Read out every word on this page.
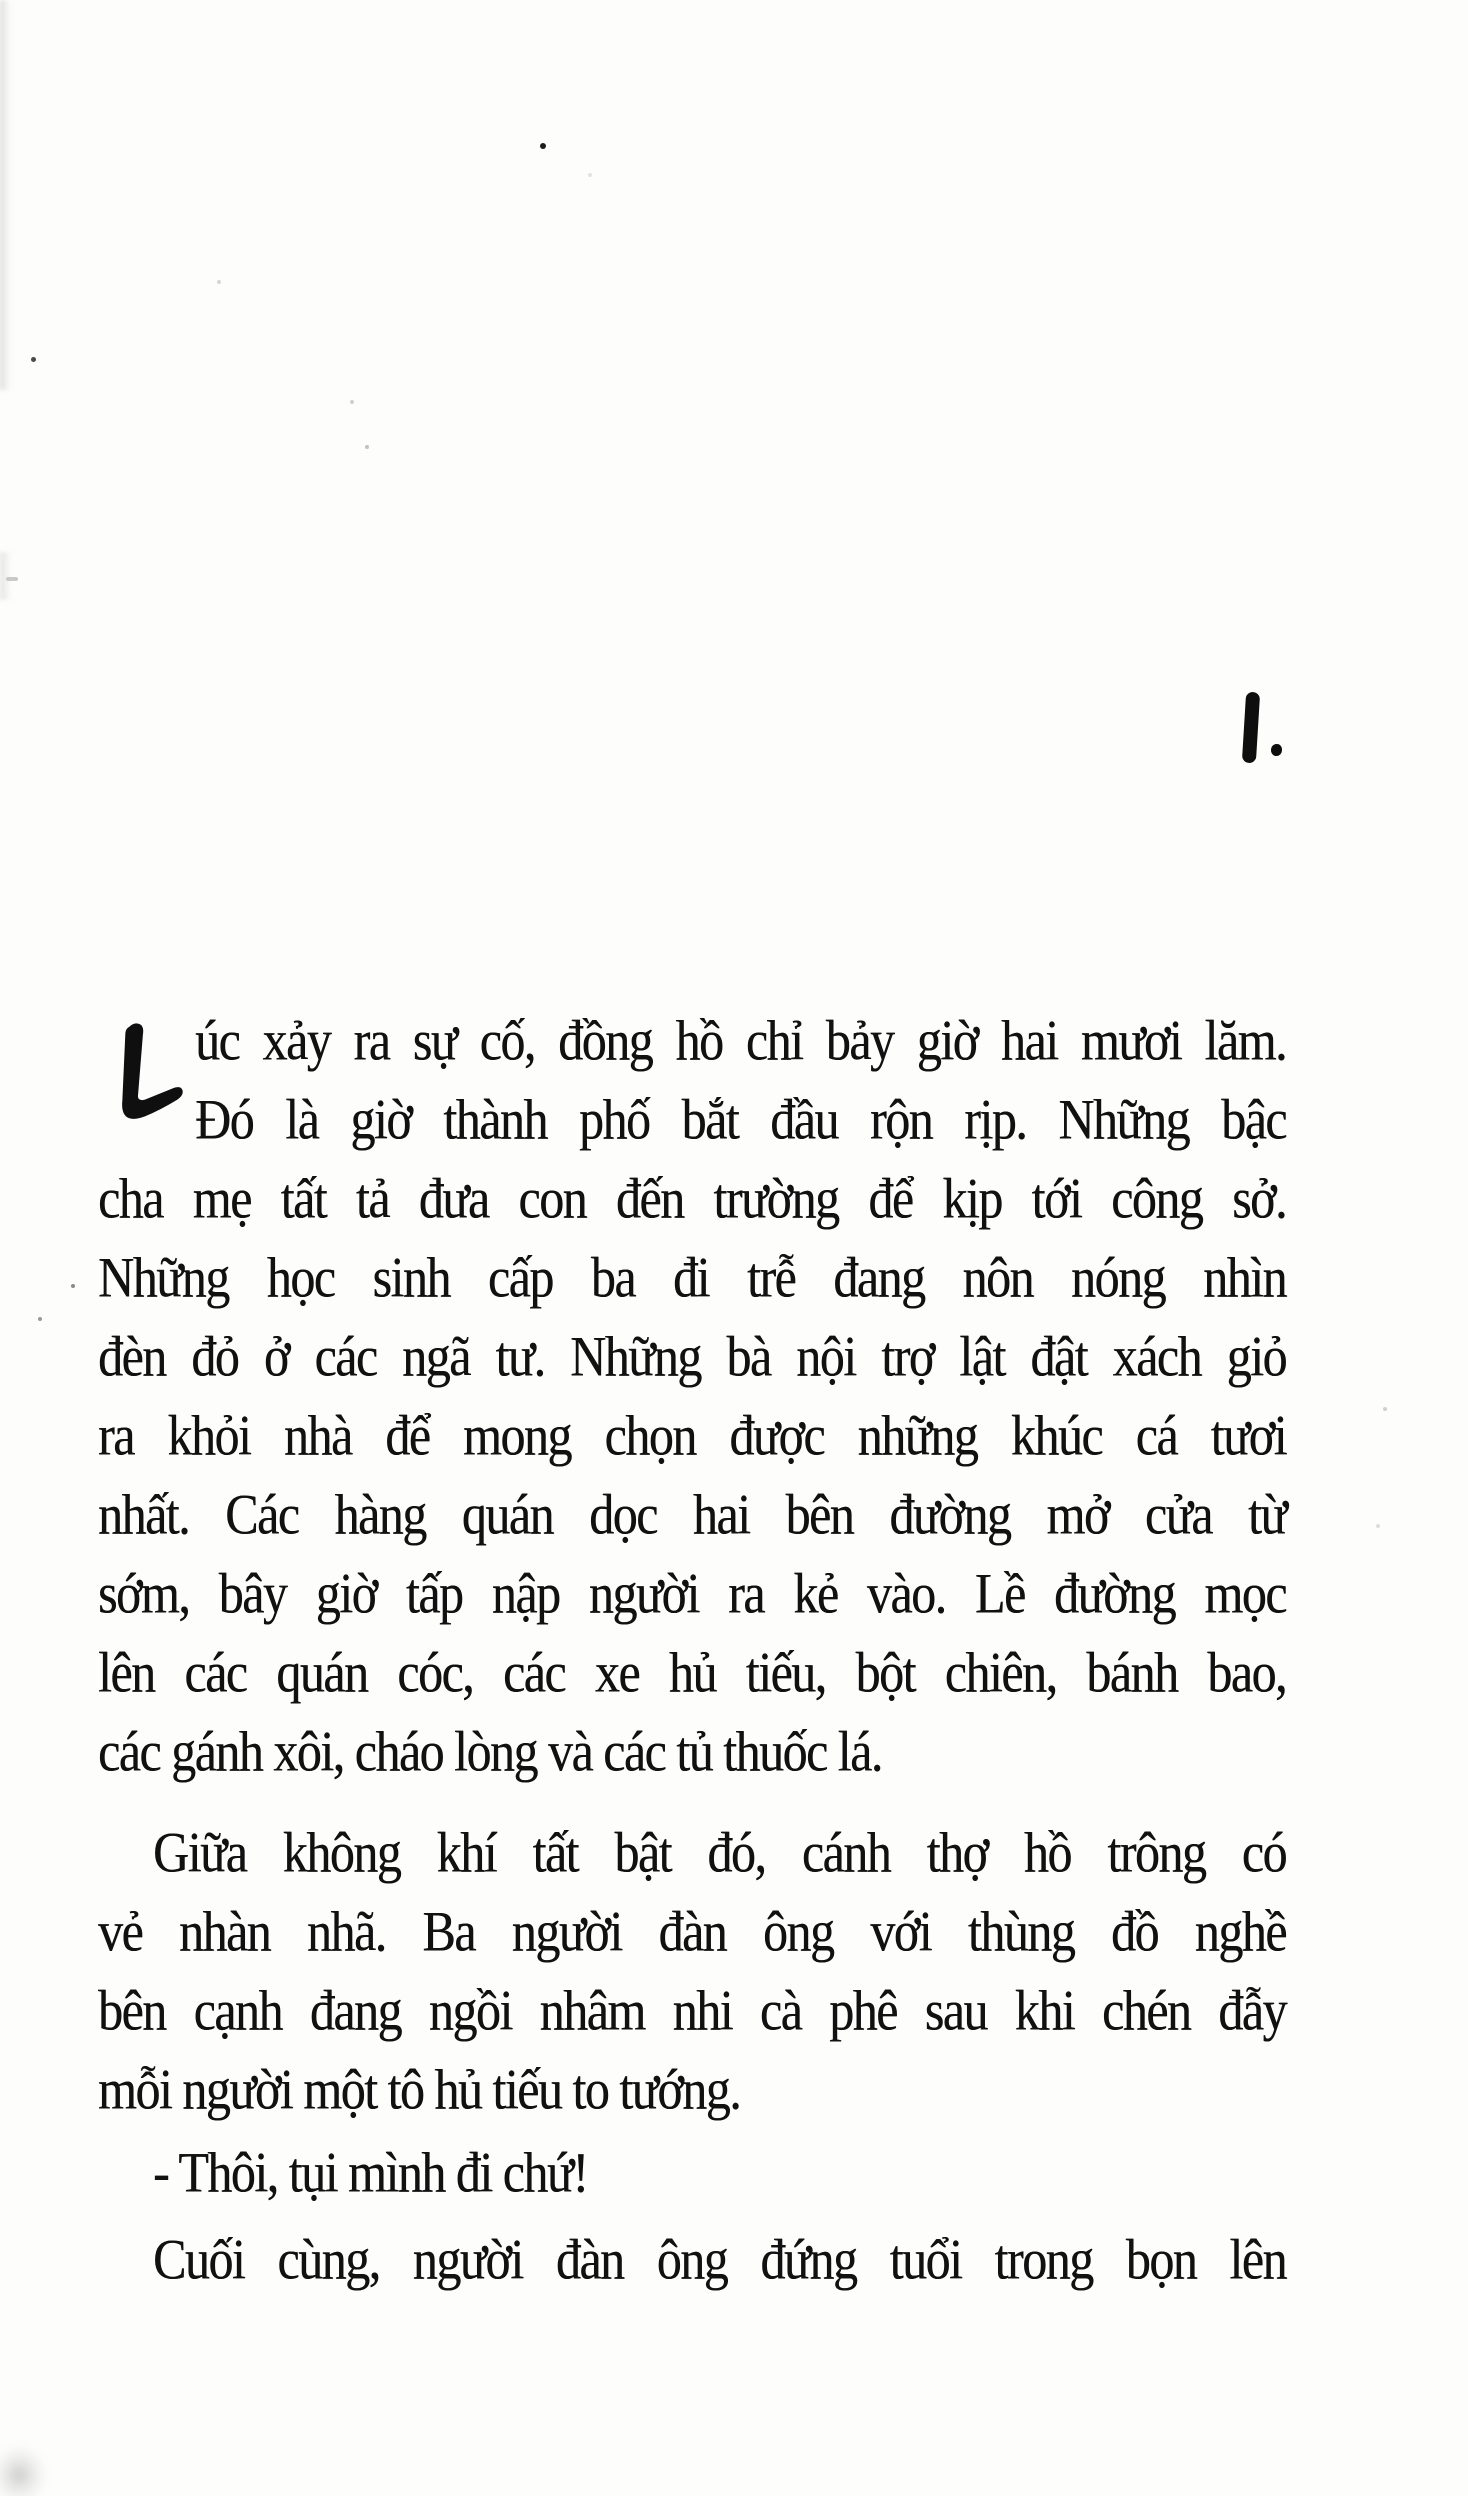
úc xảy ra sự cố, đồng hồ chỉ bảy giờ hai mươi lăm.
Đó là giờ thành phố bắt đầu rộn rịp. Những bậc
cha mẹ tất tả đưa con đến trường để kịp tới công sở.
Những học sinh cấp ba đi trễ đang nôn nóng nhìn
đèn đỏ ở các ngã tư. Những bà nội trợ lật đật xách giỏ
ra khỏi nhà để mong chọn được những khúc cá tươi
nhất. Các hàng quán dọc hai bên đường mở cửa từ
sớm, bây giờ tấp nập người ra kẻ vào. Lề đường mọc
lên các quán cóc, các xe hủ tiếu, bột chiên, bánh bao,
các gánh xôi, cháo lòng và các tủ thuốc lá.
Giữa không khí tất bật đó, cánh thợ hồ trông có
vẻ nhàn nhã. Ba người đàn ông với thùng đồ nghề
bên cạnh đang ngồi nhâm nhi cà phê sau khi chén đẫy
mỗi người một tô hủ tiếu to tướng.
- Thôi, tụi mình đi chứ!
Cuối cùng, người đàn ông đứng tuổi trong bọn lên
